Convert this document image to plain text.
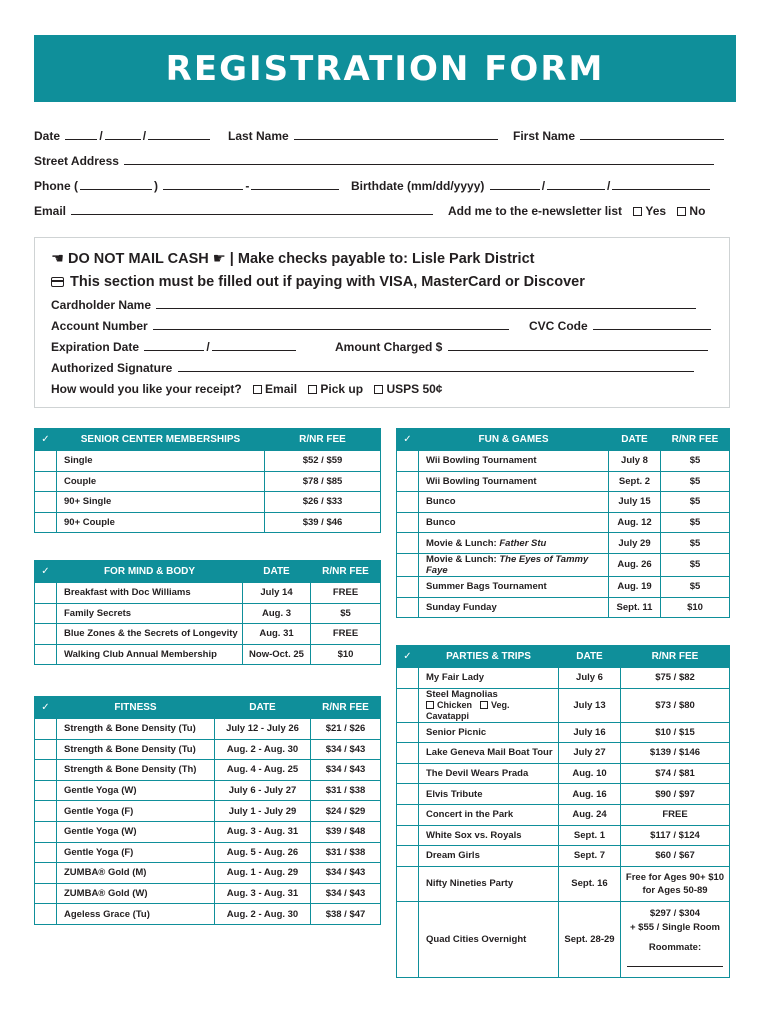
REGISTRATION FORM
Date	/	/	Last Name	First Name
Street Address
Phone (	)	-	Birthdate (mm/dd/yyyy)	/	/
Email	Add me to the e-newsletter list Yes No
☚ DO NOT MAIL CASH ☛ | Make checks payable to: Lisle Park District
This section must be filled out if paying with VISA, MasterCard or Discover
Cardholder Name
Account Number	CVC Code
Expiration Date	/	Amount Charged $
Authorized Signature
How would you like your receipt? Email Pick up USPS 50¢
✓	SENIOR CENTER MEMBERSHIPS	R/NR FEE
	Single	$52 / $59
	Couple	$78 / $85
	90+ Single	$26 / $33
	90+ Couple	$39 / $46
✓	FOR MIND & BODY	DATE	R/NR FEE
	Breakfast with Doc Williams	July 14	FREE
	Family Secrets	Aug. 3	$5
	Blue Zones & the Secrets of Longevity	Aug. 31	FREE
	Walking Club Annual Membership	Now-Oct. 25	$10
✓	FITNESS	DATE	R/NR FEE
	Strength & Bone Density (Tu)	July 12 - July 26	$21 / $26
	Strength & Bone Density (Tu)	Aug. 2 - Aug. 30	$34 / $43
	Strength & Bone Density (Th)	Aug. 4 - Aug. 25	$34 / $43
	Gentle Yoga (W)	July 6 - July 27	$31 / $38
	Gentle Yoga (F)	July 1 - July 29	$24 / $29
	Gentle Yoga (W)	Aug. 3 - Aug. 31	$39 / $48
	Gentle Yoga (F)	Aug. 5 - Aug. 26	$31 / $38
	ZUMBA® Gold (M)	Aug. 1 - Aug. 29	$34 / $43
	ZUMBA® Gold (W)	Aug. 3 - Aug. 31	$34 / $43
	Ageless Grace (Tu)	Aug. 2 - Aug. 30	$38 / $47
✓	FUN & GAMES	DATE	R/NR FEE
	Wii Bowling Tournament	July 8	$5
	Wii Bowling Tournament	Sept. 2	$5
	Bunco	July 15	$5
	Bunco	Aug. 12	$5
	Movie & Lunch: Father Stu	July 29	$5
	Movie & Lunch: The Eyes of Tammy Faye	Aug. 26	$5
	Summer Bags Tournament	Aug. 19	$5
	Sunday Funday	Sept. 11	$10
✓	PARTIES & TRIPS	DATE	R/NR FEE
	My Fair Lady	July 6	$75 / $82

	Steel Magnolias
Chicken Veg. Cavatappi	July 13	$73 / $80
	Senior Picnic	July 16	$10 / $15
	Lake Geneva Mail Boat Tour	July 27	$139 / $146
	The Devil Wears Prada	Aug. 10	$74 / $81
	Elvis Tribute	Aug. 16	$90 / $97
	Concert in the Park	Aug. 24	FREE
	White Sox vs. Royals	Sept. 1	$117 / $124
	Dream Girls	Sept. 7	$60 / $67
	Nifty Nineties Party	Sept. 16	Free for Ages 90+ $10
for Ages 50-89

	Quad Cities Overnight	Sept. 28-29	$297 / $304
+ $55 / Single Room
Roommate:
